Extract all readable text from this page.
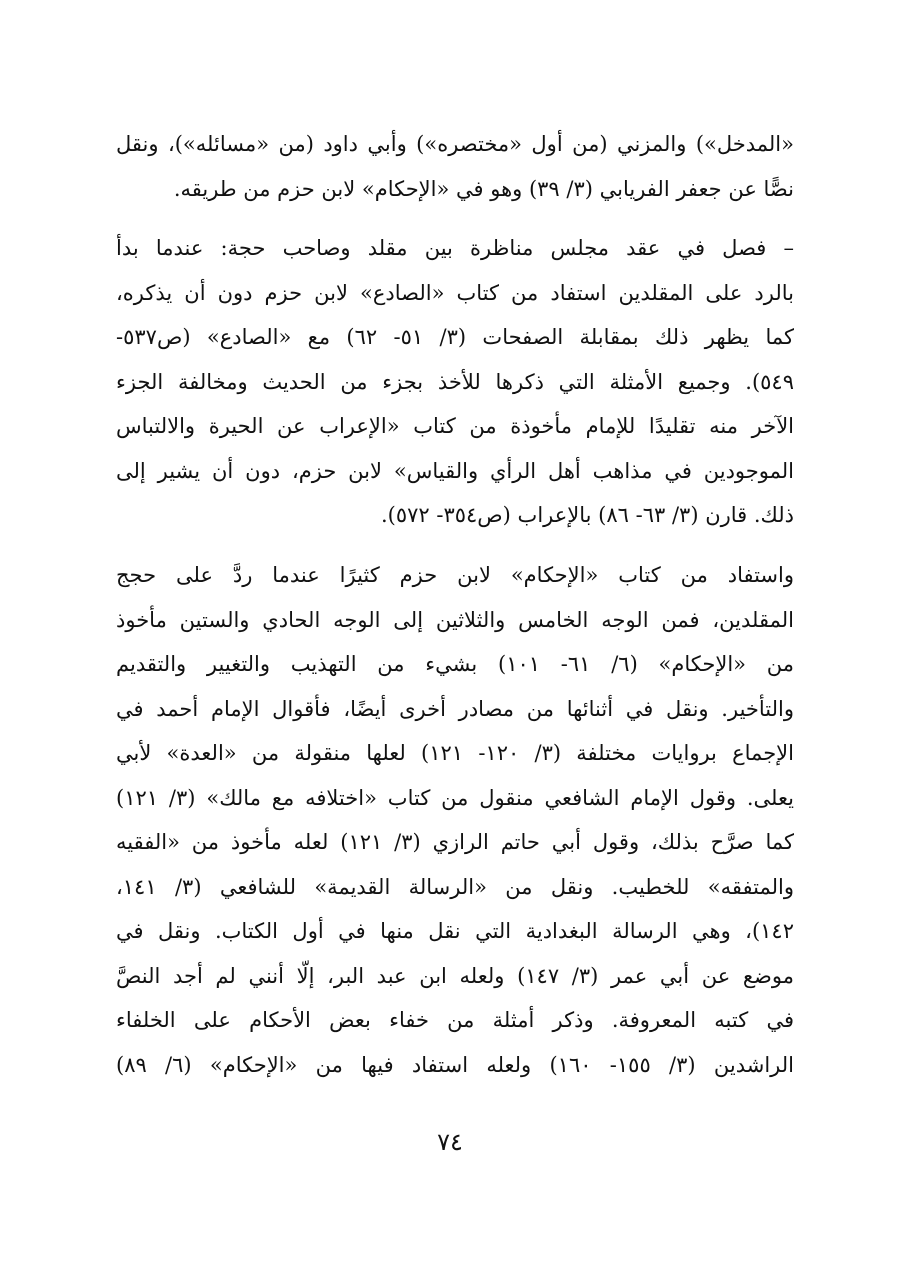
«المدخل») والمزني (من أول «مختصره») وأبي داود (من «مسائله»)، ونقل
نصًّا عن جعفر الفريابي (٣/ ٣٩) وهو في «الإحكام» لابن حزم من طريقه.
– فصل في عقد مجلس مناظرة بين مقلد وصاحب حجة: عندما بدأ
بالرد على المقلدين استفاد من كتاب «الصادع» لابن حزم دون أن يذكره،
كما يظهر ذلك بمقابلة الصفحات (٣/ ٥١- ٦٢) مع «الصادع» (ص٥٣٧-
٥٤٩). وجميع الأمثلة التي ذكرها للأخذ بجزء من الحديث ومخالفة الجزء
الآخر منه تقليدًا للإمام مأخوذة من كتاب «الإعراب عن الحيرة والالتباس
الموجودين في مذاهب أهل الرأي والقياس» لابن حزم، دون أن يشير إلى
ذلك. قارن (٣/ ٦٣- ٨٦) بالإعراب (ص٣٥٤- ٥٧٢).
واستفاد من كتاب «الإحكام» لابن حزم كثيرًا عندما ردَّ على حجج
المقلدين، فمن الوجه الخامس والثلاثين إلى الوجه الحادي والستين مأخوذ
من «الإحكام» (٦/ ٦١- ١٠١) بشيء من التهذيب والتغيير والتقديم
والتأخير. ونقل في أثنائها من مصادر أخرى أيضًا، فأقوال الإمام أحمد في
الإجماع بروايات مختلفة (٣/ ١٢٠- ١٢١) لعلها منقولة من «العدة» لأبي
يعلى. وقول الإمام الشافعي منقول من كتاب «اختلافه مع مالك» (٣/ ١٢١)
كما صرَّح بذلك، وقول أبي حاتم الرازي (٣/ ١٢١) لعله مأخوذ من «الفقيه
والمتفقه» للخطيب. ونقل من «الرسالة القديمة» للشافعي (٣/ ١٤١،
١٤٢)، وهي الرسالة البغدادية التي نقل منها في أول الكتاب. ونقل في
موضع عن أبي عمر (٣/ ١٤٧) ولعله ابن عبد البر، إلّا أنني لم أجد النصَّ
في كتبه المعروفة. وذكر أمثلة من خفاء بعض الأحكام على الخلفاء
الراشدين (٣/ ١٥٥- ١٦٠) ولعله استفاد فيها من «الإحكام» (٦/ ٨٩)
٧٤
